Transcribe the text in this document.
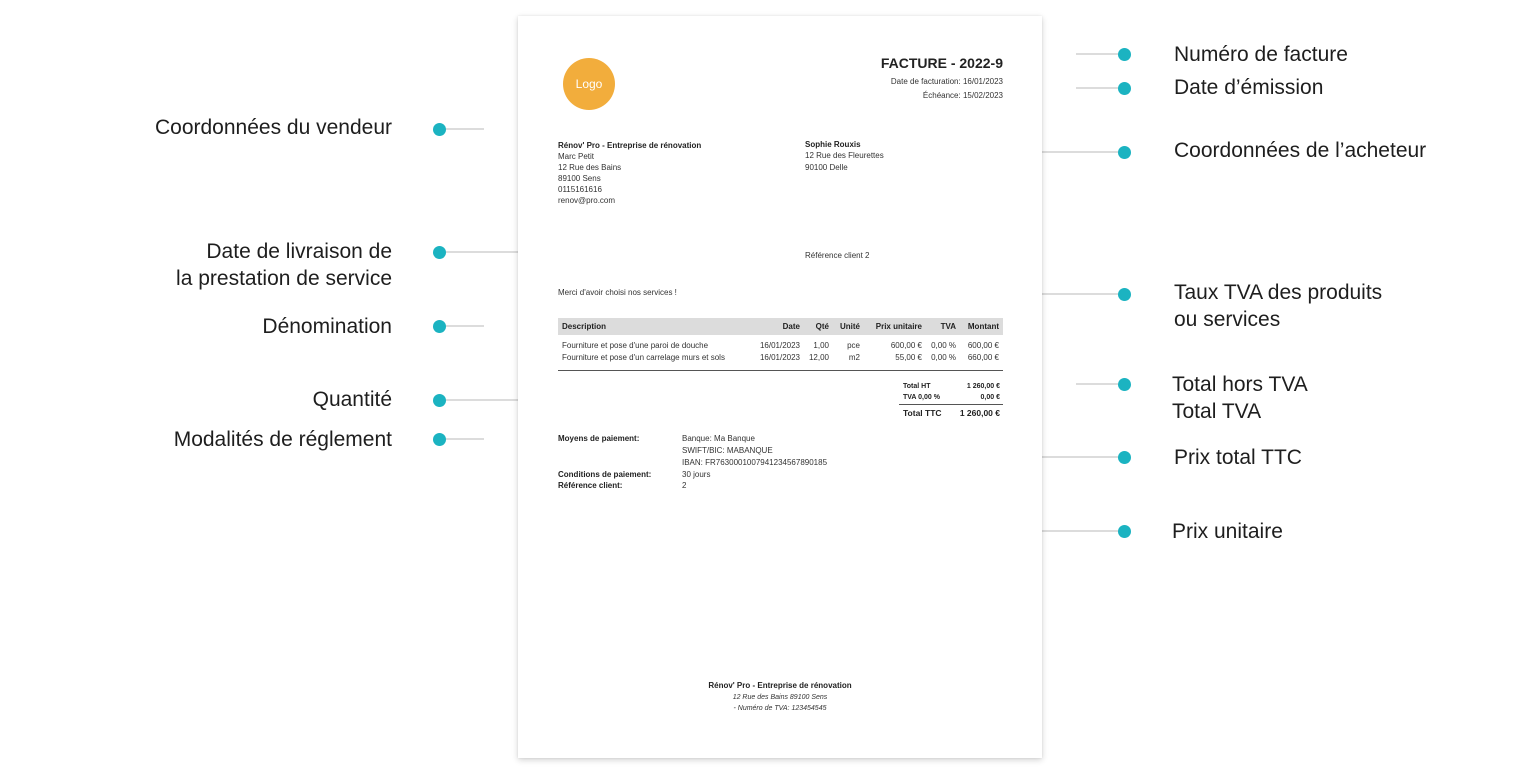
Numéro de facture
Date d’émission
Coordonnées de l’acheteur
Taux TVA des produits
ou services
Total hors TVA
Total TVA
Prix total TTC
Prix unitaire
Coordonnées du vendeur
Date de livraison de
la prestation de service
Dénomination
Quantité
Modalités de réglement
Logo
FACTURE - 2022-9
Date de facturation: 16/01/2023
Échéance: 15/02/2023
Rénov' Pro - Entreprise de rénovation
Marc Petit
12 Rue des Bains
89100 Sens
0115161616
renov@pro.com
Sophie Rouxis
12 Rue des Fleurettes
90100 Delle
Référence client 2
Merci d'avoir choisi nos services !
Description	Date Qté Unité Prix unitaire TVA Montant
Fourniture et pose d'une paroi de douche	16/01/2023 1,00 pce	600,00 € 0,00 % 600,00 €
Fourniture et pose d'un carrelage murs et sols	16/01/2023 12,00 m2	55,00 € 0,00 % 660,00 €
Total HT	1 260,00 €
TVA 0,00 %	0,00 €
Total TTC 1 260,00 €
Moyens de paiement:	Banque: Ma Banque
SWIFT/BIC: MABANQUE
IBAN: FR7630001007941234567890185
Conditions de paiement:	30 jours
Référence client:	2
Rénov' Pro - Entreprise de rénovation
12 Rue des Bains 89100 Sens
- Numéro de TVA: 123454545
